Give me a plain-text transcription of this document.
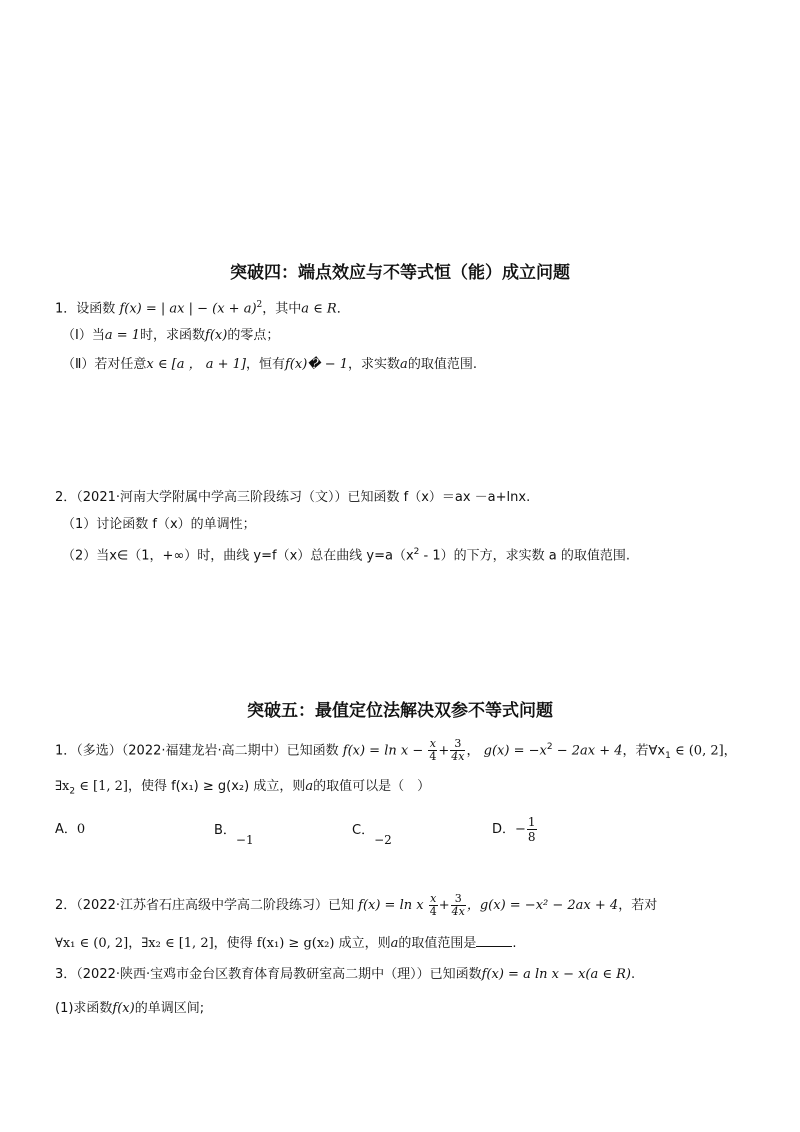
突破四：端点效应与不等式恒（能）成立问题
1．设函数 f(x) = | ax | − $(x + a)^2$，其中a ∈ R．
（Ⅰ）当a = 1时，求函数f(x)的零点；
（Ⅱ）若对任意x ∈ [a ， a + 1]，恒有f(x)� − 1，求实数a的取值范围.
2．（2021·河南大学附属中学高三阶段练习（文））已知函数 f（x）＝ax －a+lnx.
（1）讨论函数 f（x）的单调性；
（2）当x∈（1，+∞）时，曲线 y=f（x）总在曲线 $y=a(x^2 - 1)$的下方，求实数 a 的取值范围.
突破五：最值定位法解决双参不等式问题
1．（多选）（2022·福建龙岩·高二期中）已知函数 $f(x) = \ln x - \frac{x}{4} + \frac{3}{4x}$ ， $g(x) = -x^2 - 2ax + 4$，若$\forall x_1$ ∈ (0, 2]，
$\exists x_2$ ∈ [1, 2]，使得 f(x₁) ≥ g(x₂) 成立，则a的取值可以是（　）
A．0	B．−1
C．−2
D．− $\frac{1}{8}$
2．（2022·江苏省石庄高级中学高二阶段练习）已知 f(x) = ln x $\frac{x}{4} + \frac{3}{4x}$ ，g(x) = −x² − 2ax + 4，若对
∀x₁ ∈ (0, 2]，∃x₂ ∈ [1, 2]，使得 f(x₁) ≥ g(x₂) 成立，则a的取值范围是	.
3．（2022·陕西·宝鸡市金台区教育体育局教研室高二期中（理））已知函数f(x) = a ln x − x(a ∈ R).
(1)求函数f(x)的单调区间;
